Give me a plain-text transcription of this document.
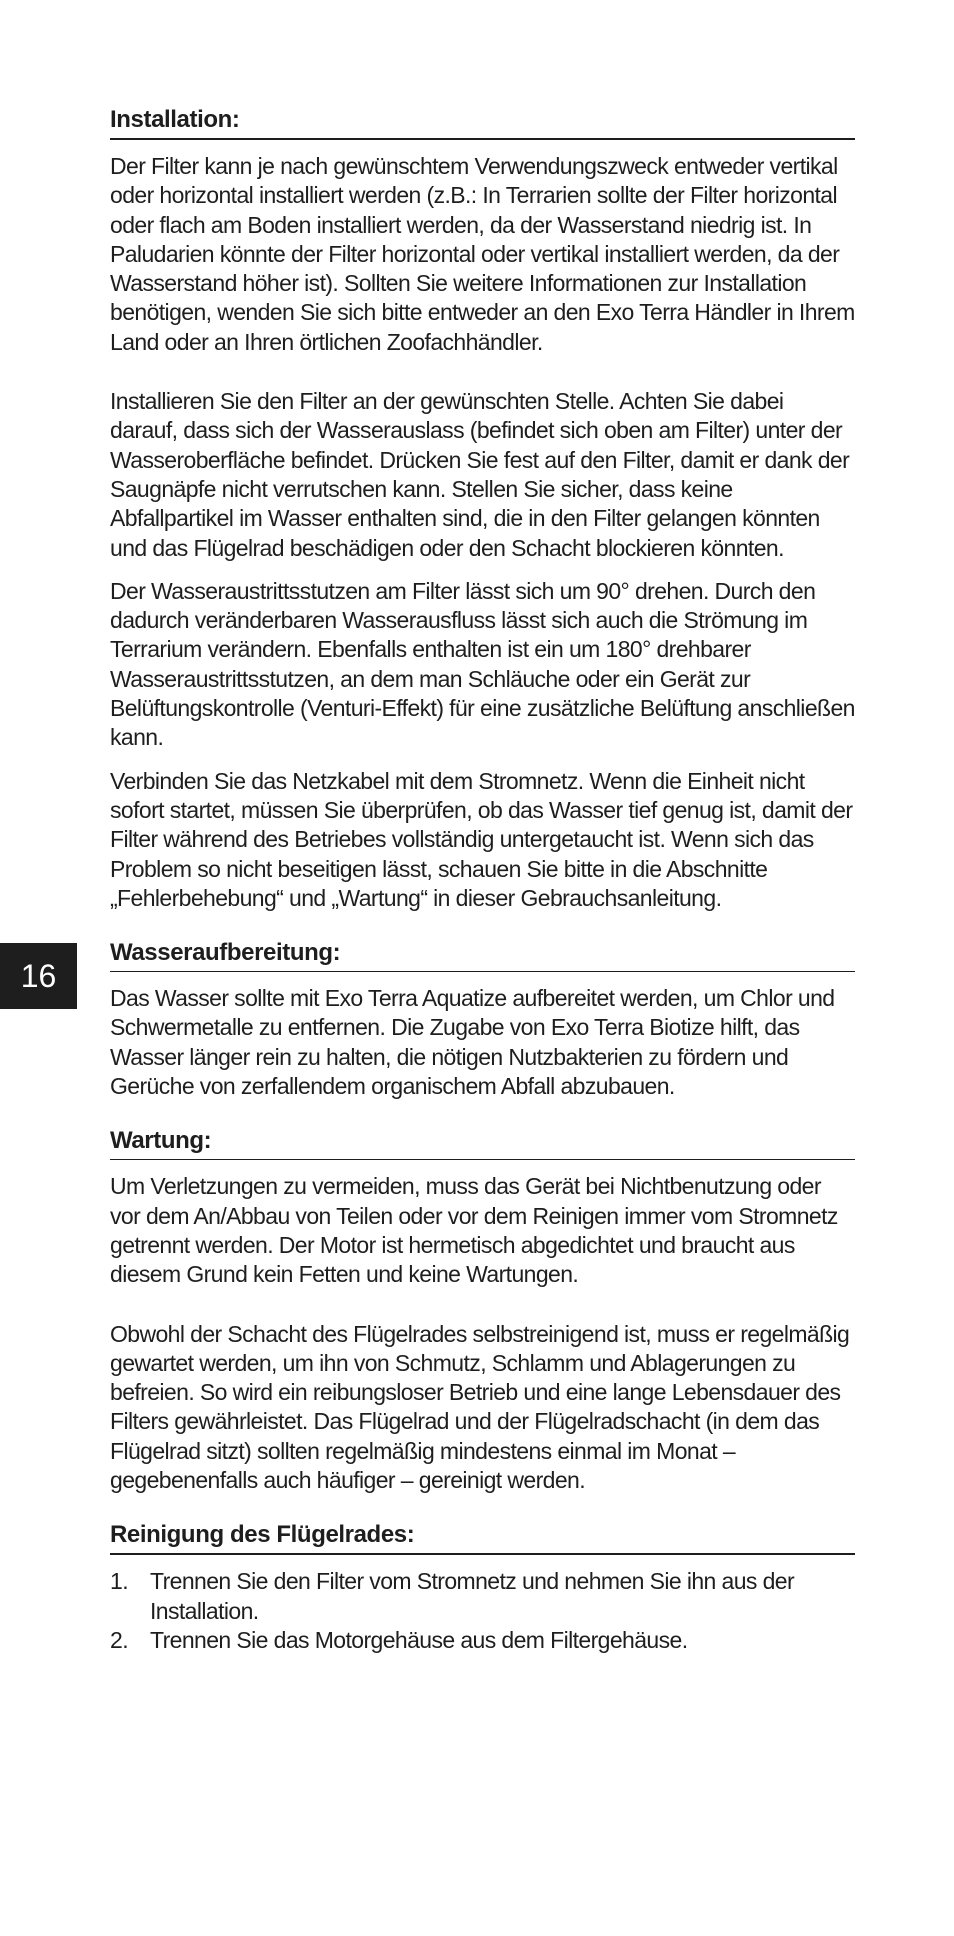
16
Installation:

Der Filter kann je nach gewünschtem Verwendungszweck entweder vertikal oder horizontal installiert werden (z.B.: In Terrarien sollte der Filter horizontal oder flach am Boden installiert werden, da der Wasserstand niedrig ist. In Paludarien könnte der Filter horizontal oder vertikal installiert werden, da der Wasserstand höher ist). Sollten Sie weitere Informationen zur Installation benötigen, wenden Sie sich bitte entweder an den Exo Terra Händler in Ihrem Land oder an Ihren örtlichen Zoofachhändler.

Installieren Sie den Filter an der gewünschten Stelle. Achten Sie dabei darauf, dass sich der Wasserauslass (befindet sich oben am Filter) unter der Wasseroberfläche befindet. Drücken Sie fest auf den Filter, damit er dank der Saugnäpfe nicht verrutschen kann. Stellen Sie sicher, dass keine Abfallpartikel im Wasser enthalten sind, die in den Filter gelangen könnten und das Flügelrad beschädigen oder den Schacht blockieren könnten.

Der Wasseraustrittsstutzen am Filter lässt sich um 90° drehen. Durch den dadurch veränderbaren Wasserausfluss lässt sich auch die Strömung im Terrarium verändern. Ebenfalls enthalten ist ein um 180° drehbarer Wasseraustrittsstutzen, an dem man Schläuche oder ein Gerät zur Belüftungskontrolle (Venturi-Effekt) für eine zusätzliche Belüftung anschließen kann.

Verbinden Sie das Netzkabel mit dem Stromnetz. Wenn die Einheit nicht sofort startet, müssen Sie überprüfen, ob das Wasser tief genug ist, damit der Filter während des Betriebes vollständig untergetaucht ist. Wenn sich das Problem so nicht beseitigen lässt, schauen Sie bitte in die Abschnitte „Fehlerbehebung“ und „Wartung“ in dieser Gebrauchsanleitung.

Wasseraufbereitung:

Das Wasser sollte mit Exo Terra Aquatize aufbereitet werden, um Chlor und Schwermetalle zu entfernen. Die Zugabe von Exo Terra Biotize hilft, das Wasser länger rein zu halten, die nötigen Nutzbakterien zu fördern und Gerüche von zerfallendem organischem Abfall abzubauen.

Wartung:

Um Verletzungen zu vermeiden, muss das Gerät bei Nichtbenutzung oder vor dem An/Abbau von Teilen oder vor dem Reinigen immer vom Stromnetz getrennt werden. Der Motor ist hermetisch abgedichtet und braucht aus diesem Grund kein Fetten und keine Wartungen.

Obwohl der Schacht des Flügelrades selbstreinigend ist, muss er regelmäßig gewartet werden, um ihn von Schmutz, Schlamm und Ablagerungen zu befreien. So wird ein reibungsloser Betrieb und eine lange Lebensdauer des Filters gewährleistet. Das Flügelrad und der Flügelradschacht (in dem das Flügelrad sitzt) sollten regelmäßig mindestens einmal im Monat – gegebenenfalls auch häufiger – gereinigt werden.

Reinigung des Flügelrades:
1. Trennen Sie den Filter vom Stromnetz und nehmen Sie ihn aus der Installation.
2. Trennen Sie das Motorgehäuse aus dem Filtergehäuse.
